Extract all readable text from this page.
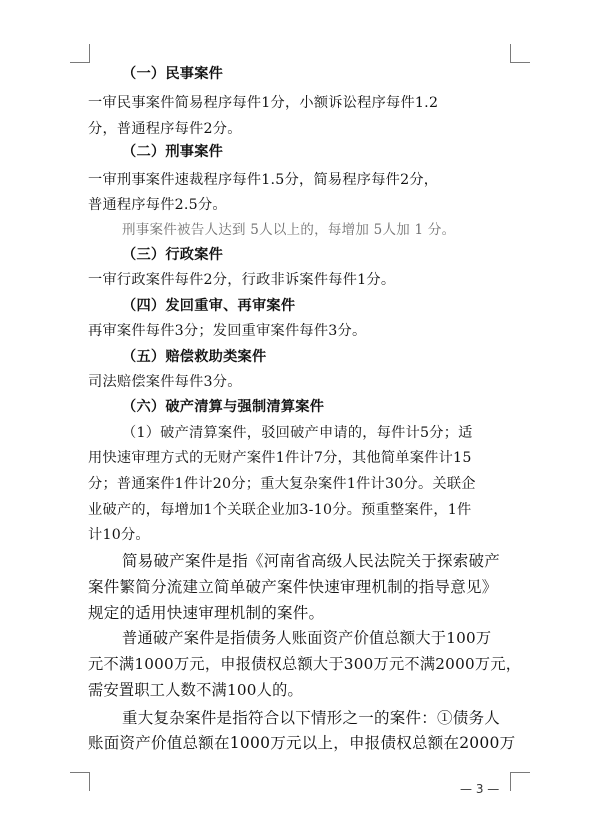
（一）民事案件
一审民事案件简易程序每件1分，小额诉讼程序每件1.2
分，普通程序每件2分。
（二）刑事案件
一审刑事案件速裁程序每件1.5分，简易程序每件2分，
普通程序每件2.5分。
刑事案件被告人达到 5人以上的，每增加 5人加 1 分。
（三）行政案件
一审行政案件每件2分，行政非诉案件每件1分。
（四）发回重审、再审案件
再审案件每件3分；发回重审案件每件3分。
（五）赔偿救助类案件
司法赔偿案件每件3分。
（六）破产清算与强制清算案件
（1）破产清算案件，驳回破产申请的，每件计5分；适
用快速审理方式的无财产案件1件计7分，其他简单案件计15
分；普通案件1件计20分；重大复杂案件1件计30分。关联企
业破产的，每增加1个关联企业加3-10分。预重整案件，1件
计10分。
简易破产案件是指《河南省高级人民法院关于探索破产
案件繁简分流建立简单破产案件快速审理机制的指导意见》
规定的适用快速审理机制的案件。
普通破产案件是指债务人账面资产价值总额大于100万
元不满1000万元，申报债权总额大于300万元不满2000万元，
需安置职工人数不满100人的。
重大复杂案件是指符合以下情形之一的案件：①债务人
账面资产价值总额在1000万元以上，申报债权总额在2000万
— 3 —
